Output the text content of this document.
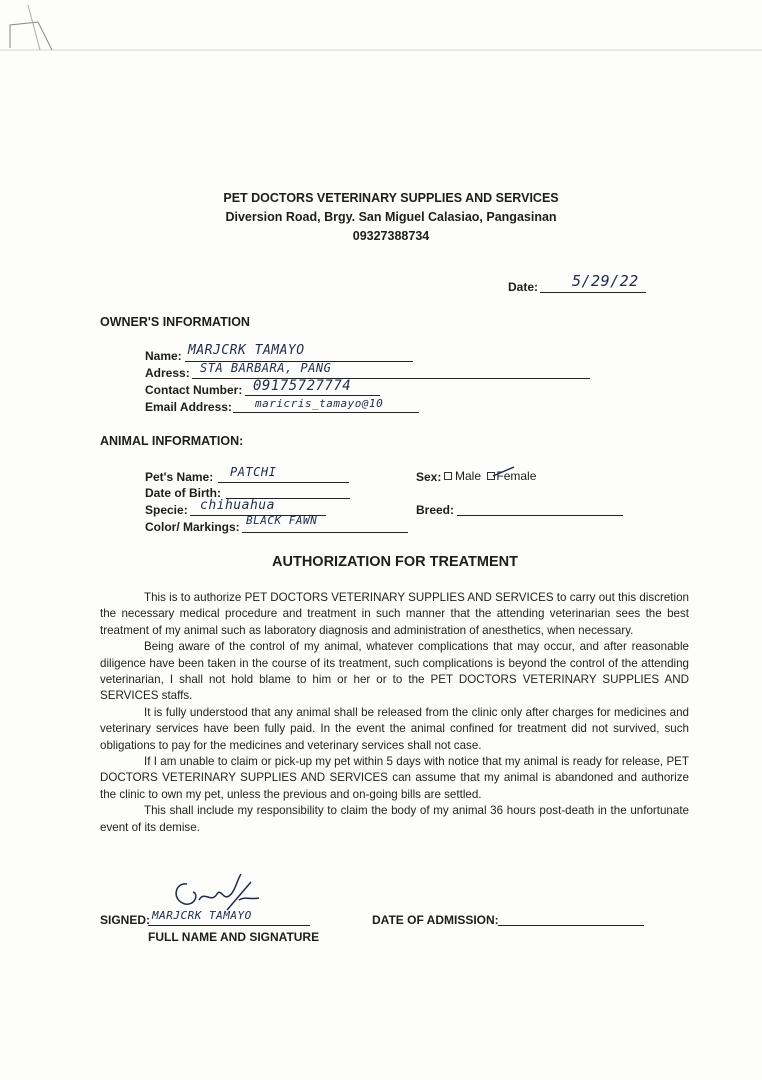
PET DOCTORS VETERINARY SUPPLIES AND SERVICES
Diversion Road, Brgy. San Miguel Calasiao, Pangasinan
09327388734
Date: 5/29/22
OWNER'S INFORMATION
Name: MARJCRK TAMAYO
Adress: STA BARBARA, PANG
Contact Number: 09175727774
Email Address: maricris_tamayo@10
ANIMAL INFORMATION:
Pet's Name: PATCHI
Date of Birth:
Specie: chihuahua
Color/ Markings: BLACK FAWN
Sex:	Male Female
Breed:
AUTHORIZATION FOR TREATMENT

This is to authorize PET DOCTORS VETERINARY SUPPLIES AND SERVICES to carry out this discretion the necessary medical procedure and treatment in such manner that the attending veterinarian sees the best treatment of my animal such as laboratory diagnosis and administration of anesthetics, when necessary.

Being aware of the control of my animal, whatever complications that may occur, and after reasonable diligence have been taken in the course of its treatment, such complications is beyond the control of the attending veterinarian, I shall not hold blame to him or her or to the PET DOCTORS VETERINARY SUPPLIES AND SERVICES staffs.

It is fully understood that any animal shall be released from the clinic only after charges for medicines and veterinary services have been fully paid. In the event the animal confined for treatment did not survived, such obligations to pay for the medicines and veterinary services shall not case.

If I am unable to claim or pick-up my pet within 5 days with notice that my animal is ready for release, PET DOCTORS VETERINARY SUPPLIES AND SERVICES can assume that my animal is abandoned and authorize the clinic to own my pet, unless the previous and on-going bills are settled.

This shall include my responsibility to claim the body of my animal 36 hours post-death in the unfortunate event of its demise.

SIGNED: MARJCRK TAMAYO
FULL NAME AND SIGNATURE
DATE OF ADMISSION:
